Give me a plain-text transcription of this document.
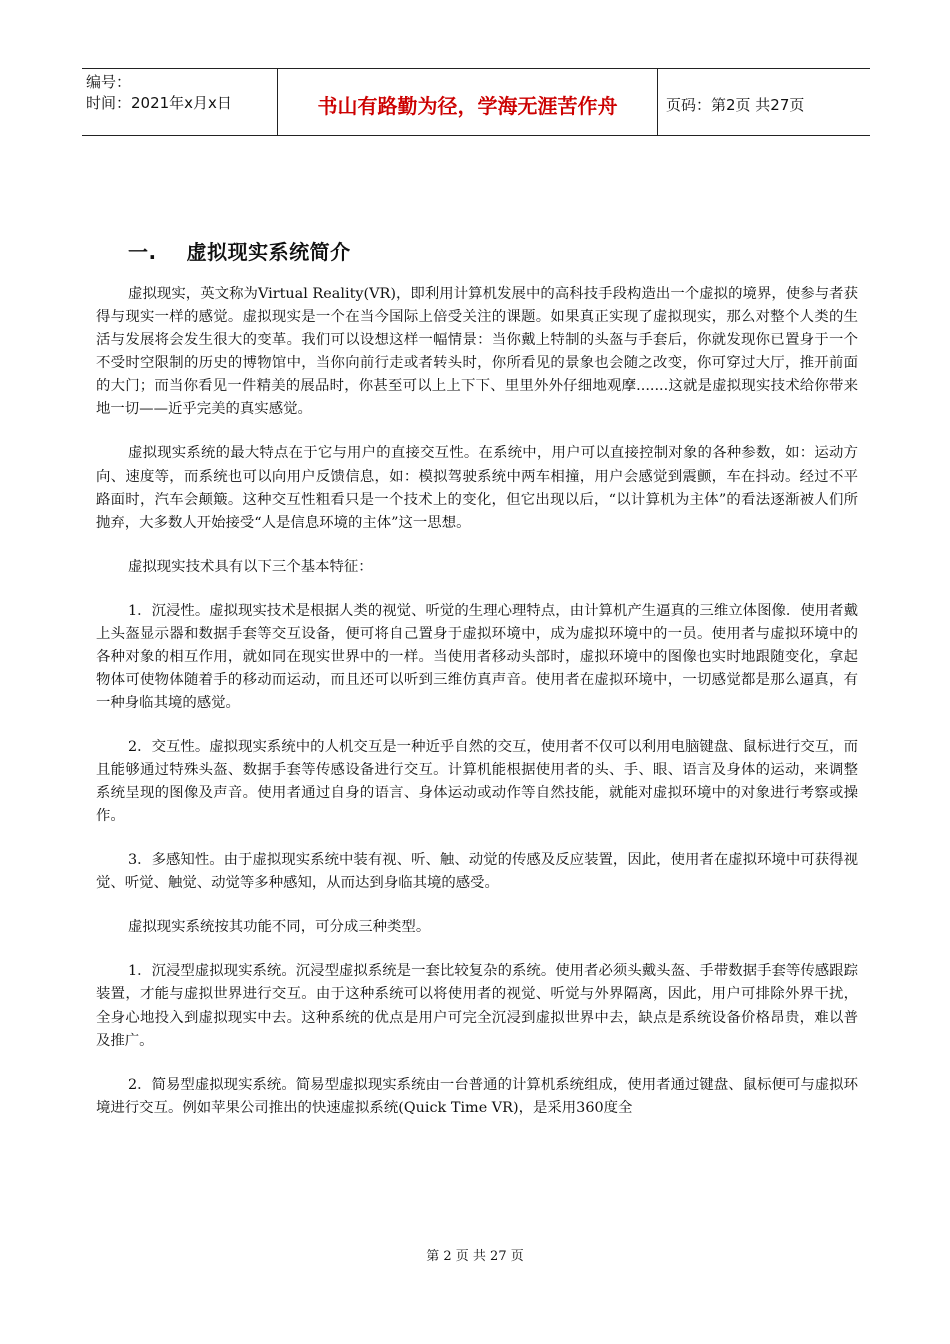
编号：
时间：2021年x月x日	书山有路勤为径，学海无涯苦作舟	页码：第2页 共27页
一. 虚拟现实系统简介

虚拟现实，英文称为Virtual Reality(VR)，即利用计算机发展中的高科技手段构造出一个虚拟的境界，使参与者获得与现实一样的感觉。虚拟现实是一个在当今国际上倍受关注的课题。如果真正实现了虚拟现实，那么对整个人类的生活与发展将会发生很大的变革。我们可以设想这样一幅情景：当你戴上特制的头盔与手套后，你就发现你已置身于一个不受时空限制的历史的博物馆中，当你向前行走或者转头时，你所看见的景象也会随之改变，你可穿过大厅，推开前面的大门；而当你看见一件精美的展品时，你甚至可以上上下下、里里外外仔细地观摩.......这就是虚拟现实技术给你带来地一切——近乎完美的真实感觉。

虚拟现实系统的最大特点在于它与用户的直接交互性。在系统中，用户可以直接控制对象的各种参数，如：运动方向、速度等，而系统也可以向用户反馈信息，如：模拟驾驶系统中两车相撞，用户会感觉到震颤，车在抖动。经过不平路面时，汽车会颠簸。这种交互性粗看只是一个技术上的变化，但它出现以后，“以计算机为主体”的看法逐渐被人们所抛弃，大多数人开始接受“人是信息环境的主体”这一思想。

虚拟现实技术具有以下三个基本特征：

1．沉浸性。虚拟现实技术是根据人类的视觉、听觉的生理心理特点，由计算机产生逼真的三维立体图像．使用者戴上头盔显示器和数据手套等交互设备，便可将自己置身于虚拟环境中，成为虚拟环境中的一员。使用者与虚拟环境中的各种对象的相互作用，就如同在现实世界中的一样。当使用者移动头部时，虚拟环境中的图像也实时地跟随变化，拿起物体可使物体随着手的移动而运动，而且还可以听到三维仿真声音。使用者在虚拟环境中，一切感觉都是那么逼真，有一种身临其境的感觉。

2．交互性。虚拟现实系统中的人机交互是一种近乎自然的交互，使用者不仅可以利用电脑键盘、鼠标进行交互，而且能够通过特殊头盔、数据手套等传感设备进行交互。计算机能根据使用者的头、手、眼、语言及身体的运动，来调整系统呈现的图像及声音。使用者通过自身的语言、身体运动或动作等自然技能，就能对虚拟环境中的对象进行考察或操作。

3．多感知性。由于虚拟现实系统中装有视、听、触、动觉的传感及反应装置，因此，使用者在虚拟环境中可获得视觉、听觉、触觉、动觉等多种感知，从而达到身临其境的感受。

虚拟现实系统按其功能不同，可分成三种类型。

1．沉浸型虚拟现实系统。沉浸型虚拟系统是一套比较复杂的系统。使用者必须头戴头盔、手带数据手套等传感跟踪装置，才能与虚拟世界进行交互。由于这种系统可以将使用者的视觉、听觉与外界隔离，因此，用户可排除外界干扰，全身心地投入到虚拟现实中去。这种系统的优点是用户可完全沉浸到虚拟世界中去，缺点是系统设备价格昂贵，难以普及推广。

2．简易型虚拟现实系统。简易型虚拟现实系统由一台普通的计算机系统组成，使用者通过键盘、鼠标便可与虚拟环境进行交互。例如苹果公司推出的快速虚拟系统(Quick Time VR)，是采用360度全

第 2 页 共 27 页
